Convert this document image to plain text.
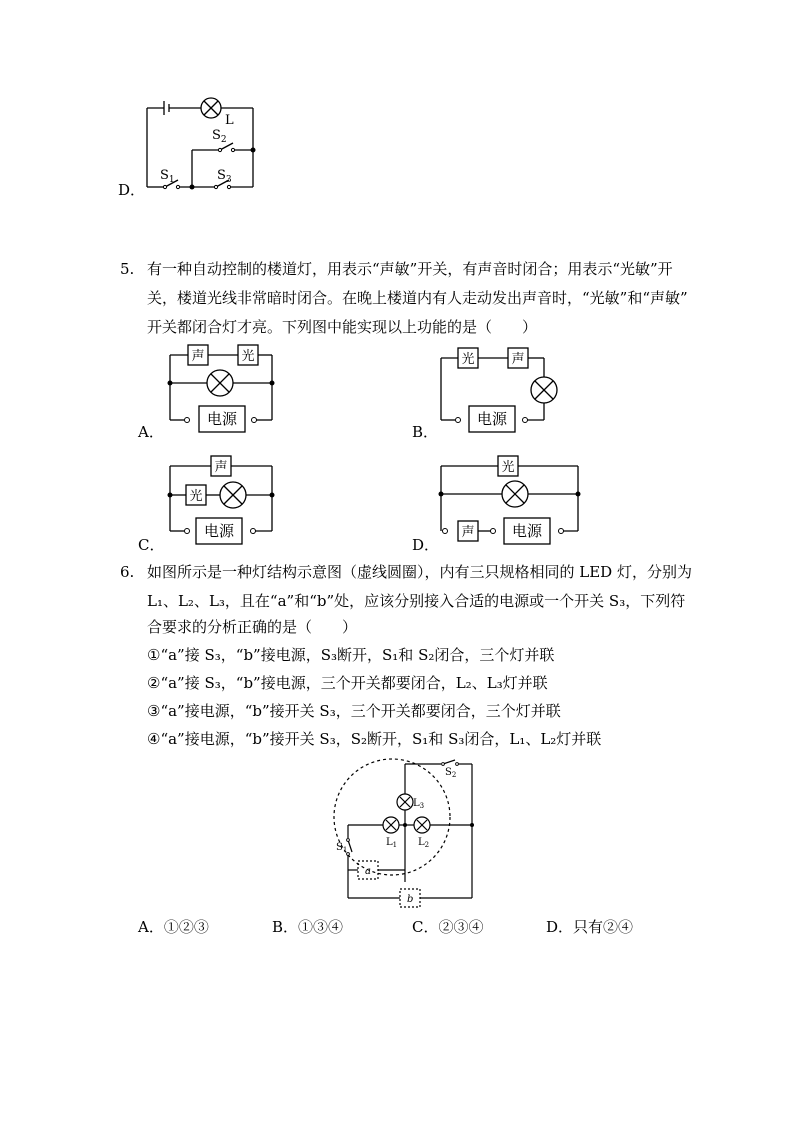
D．
L
$S_2$
$S_1$	$S_3$
5. 有一种自动控制的楼道灯，用表示“声敏”开关，有声音时闭合；用表示“光敏”开
关，楼道光线非常暗时闭合。在晚上楼道内有人走动发出声音时，“光敏”和“声敏”
开关都闭合灯才亮。下列图中能实现以上功能的是（　　）
声	光	光	声
声
光
光
声
电源	电源
电源	电源
A．	B．
C．	D．
6. 如图所示是一种灯结构示意图（虚线圆圈），内有三只规格相同的 LED 灯，分别为
L₁、L₂、L₃，且在“a”和“b”处，应该分别接入合适的电源或一个开关 S₃，下列符
合要求的分析正确的是（　　）
①“a”接 S₃，“b”接电源，S₃断开，S₁和 S₂闭合，三个灯并联
②“a”接 S₃，“b”接电源，三个开关都要闭合，L₂、L₃灯并联
③“a”接电源，“b”接开关 S₃，三个开关都要闭合，三个灯并联
④“a”接电源，“b”接开关 S₃，S₂断开，S₁和 S₃闭合，L₁、L₂灯并联
$S_2$
$L_3$
$L_1$ $L_2$
$S_1$
a
b
A．①②③	B．①③④	C．②③④	D．只有②④
